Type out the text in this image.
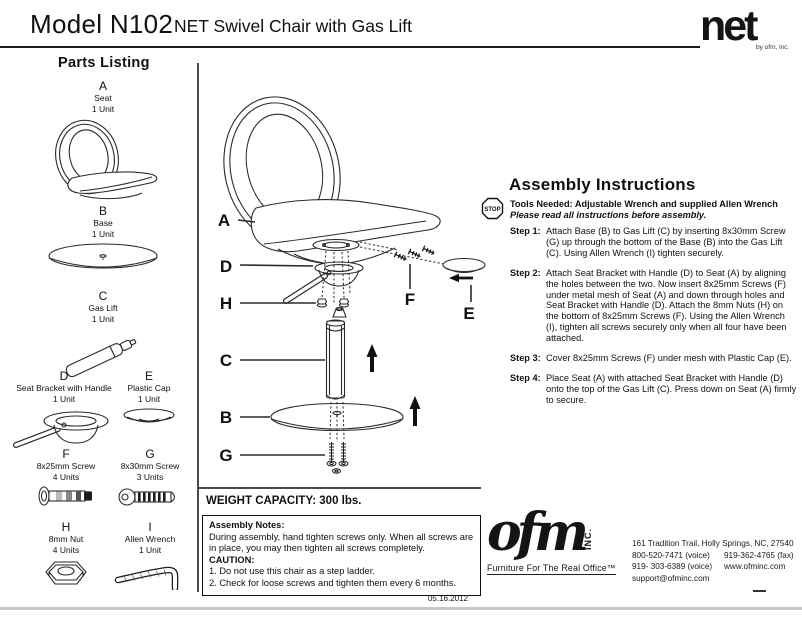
Model N102 NET Swivel Chair with Gas Lift	net by ofm, inc.
Parts Listing
A
Seat
1 Unit
B
Base
1 Unit
C
Gas Lift
1 Unit
D
Seat Bracket with Handle
1 Unit
E
Plastic Cap
1 Unit
F
8x25mm Screw
4 Units
G
8x30mm Screw
3 Units
H
8mm Nut
4 Units
I
Allen Wrench
1 Unit
A
D
H
C
B
G
F
E
Assembly Instructions
STOP
Tools Needed: Adjustable Wrench and supplied Allen Wrench
Please read all instructions before assembly.
Step 1: Attach Base (B) to Gas Lift (C) by inserting 8x30mm Screw (G) up through the bottom of the Base (B) into the Gas Lift (C). Using Allen Wrench (I) tighten securely.
Step 2: Attach Seat Bracket with Handle (D) to Seat (A) by aligning the holes between the two. Now insert 8x25mm Screws (F) under metal mesh of Seat (A) and down through holes and Seat Bracket with Handle (D). Attach the 8mm Nuts (H) on the bottom of 8x25mm Screws (F). Using the Allen Wrench (I), tighten all screws securely only when all four have been attached.
Step 3: Cover 8x25mm Screws (F) under mesh with Plastic Cap (E).
Step 4: Place Seat (A) with attached Seat Bracket with Handle (D) onto the top of the Gas Lift (C). Press down on Seat (A) firmly to secure.
WEIGHT CAPACITY: 300 lbs.
Assembly Notes:
During assembly, hand tighten screws only. When all screws are in place, you may then tighten all screws completely.
CAUTION:
1. Do not use this chair as a step ladder.
2. Check for loose screws and tighten them every 6 months.
05.16.2012
ofm
INC.
Furniture For The Real Office™
161 Tradition Trail, Holly Springs, NC, 27540
800-520-7471 (voice)	919-362-4765 (fax)
919- 303-6389 (voice)	www.ofminc.com
support@ofminc.com
